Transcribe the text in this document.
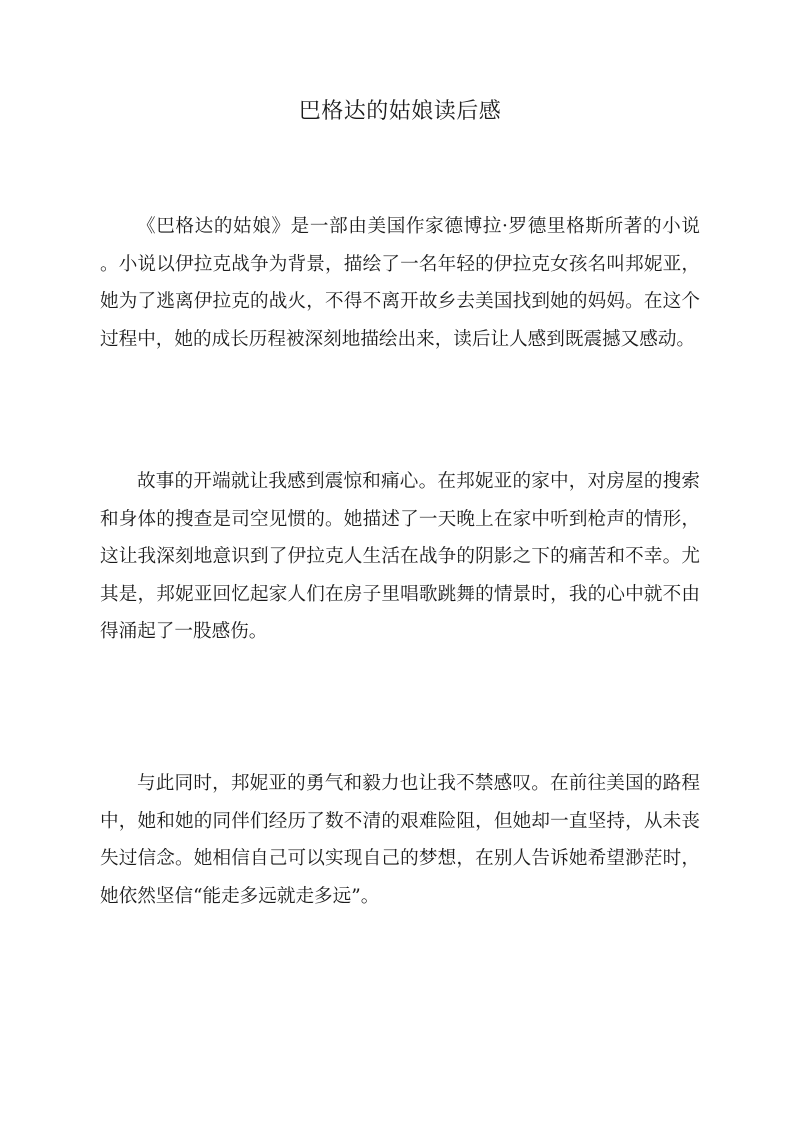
巴格达的姑娘读后感
《巴格达的姑娘》是一部由美国作家德博拉·罗德里格斯所著的小说
。小说以伊拉克战争为背景，描绘了一名年轻的伊拉克女孩名叫邦妮亚，
她为了逃离伊拉克的战火，不得不离开故乡去美国找到她的妈妈。在这个
过程中，她的成长历程被深刻地描绘出来，读后让人感到既震撼又感动。
故事的开端就让我感到震惊和痛心。在邦妮亚的家中，对房屋的搜索
和身体的搜查是司空见惯的。她描述了一天晚上在家中听到枪声的情形，
这让我深刻地意识到了伊拉克人生活在战争的阴影之下的痛苦和不幸。尤
其是，邦妮亚回忆起家人们在房子里唱歌跳舞的情景时，我的心中就不由
得涌起了一股感伤。
与此同时，邦妮亚的勇气和毅力也让我不禁感叹。在前往美国的路程
中，她和她的同伴们经历了数不清的艰难险阻，但她却一直坚持，从未丧
失过信念。她相信自己可以实现自己的梦想，在别人告诉她希望渺茫时，
她依然坚信“能走多远就走多远”。
